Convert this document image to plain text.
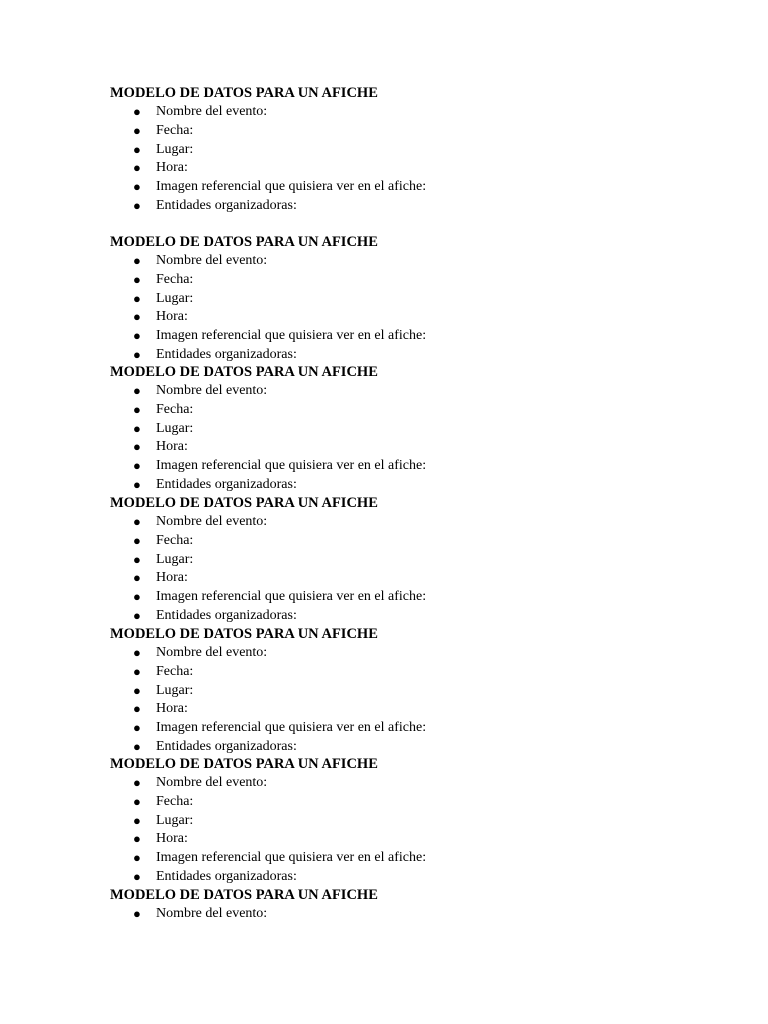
MODELO DE DATOS PARA UN AFICHE
● Nombre del evento:
● Fecha:
● Lugar:
● Hora:
● Imagen referencial que quisiera ver en el afiche:
● Entidades organizadoras:
MODELO DE DATOS PARA UN AFICHE
● Nombre del evento:
● Fecha:
● Lugar:
● Hora:
● Imagen referencial que quisiera ver en el afiche:
● Entidades organizadoras:
MODELO DE DATOS PARA UN AFICHE
● Nombre del evento:
● Fecha:
● Lugar:
● Hora:
● Imagen referencial que quisiera ver en el afiche:
● Entidades organizadoras:
MODELO DE DATOS PARA UN AFICHE
● Nombre del evento:
● Fecha:
● Lugar:
● Hora:
● Imagen referencial que quisiera ver en el afiche:
● Entidades organizadoras:
MODELO DE DATOS PARA UN AFICHE
● Nombre del evento:
● Fecha:
● Lugar:
● Hora:
● Imagen referencial que quisiera ver en el afiche:
● Entidades organizadoras:
MODELO DE DATOS PARA UN AFICHE
● Nombre del evento:
● Fecha:
● Lugar:
● Hora:
● Imagen referencial que quisiera ver en el afiche:
● Entidades organizadoras:
MODELO DE DATOS PARA UN AFICHE
● Nombre del evento:
